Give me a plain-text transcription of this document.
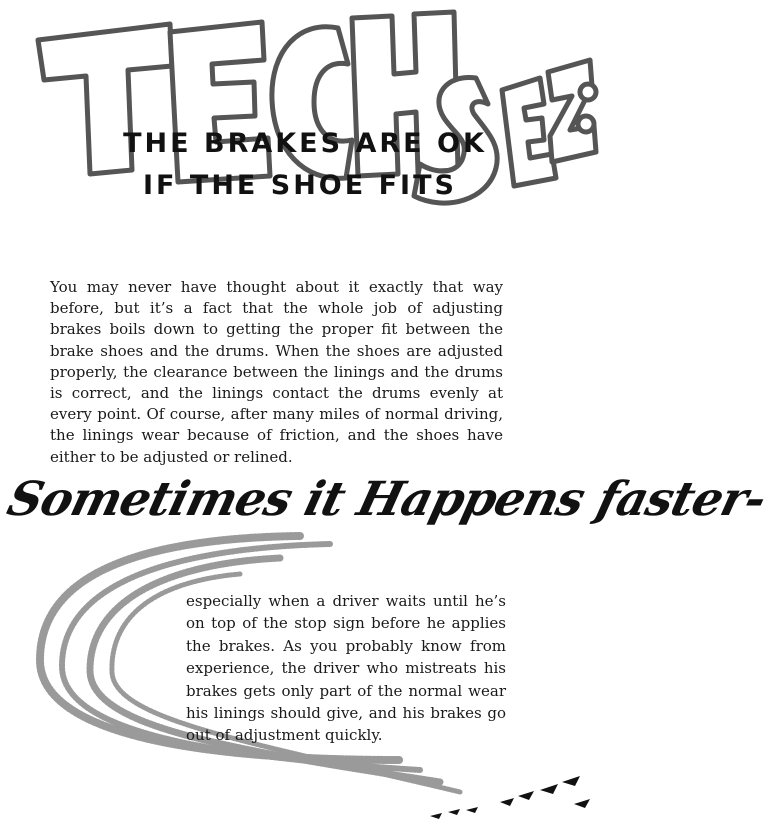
THE BRAKES ARE OK
IF THE SHOE FITS

You may never have thought about it exactly that way before, but it’s a fact that the whole job of adjusting brakes boils down to getting the proper fit between the brake shoes and the drums. When the shoes are adjusted properly, the clearance between the linings and the drums is correct, and the linings contact the drums evenly at every point. Of course, after many miles of normal driving, the linings wear because of friction, and the shoes have either to be adjusted or relined.

Sometimes it Happens faster-

especially when a driver waits until he’s on top of the stop sign before he applies the brakes. As you probably know from experience, the driver who mistreats his brakes gets only part of the normal wear his linings should give, and his brakes go out of adjustment quickly.
